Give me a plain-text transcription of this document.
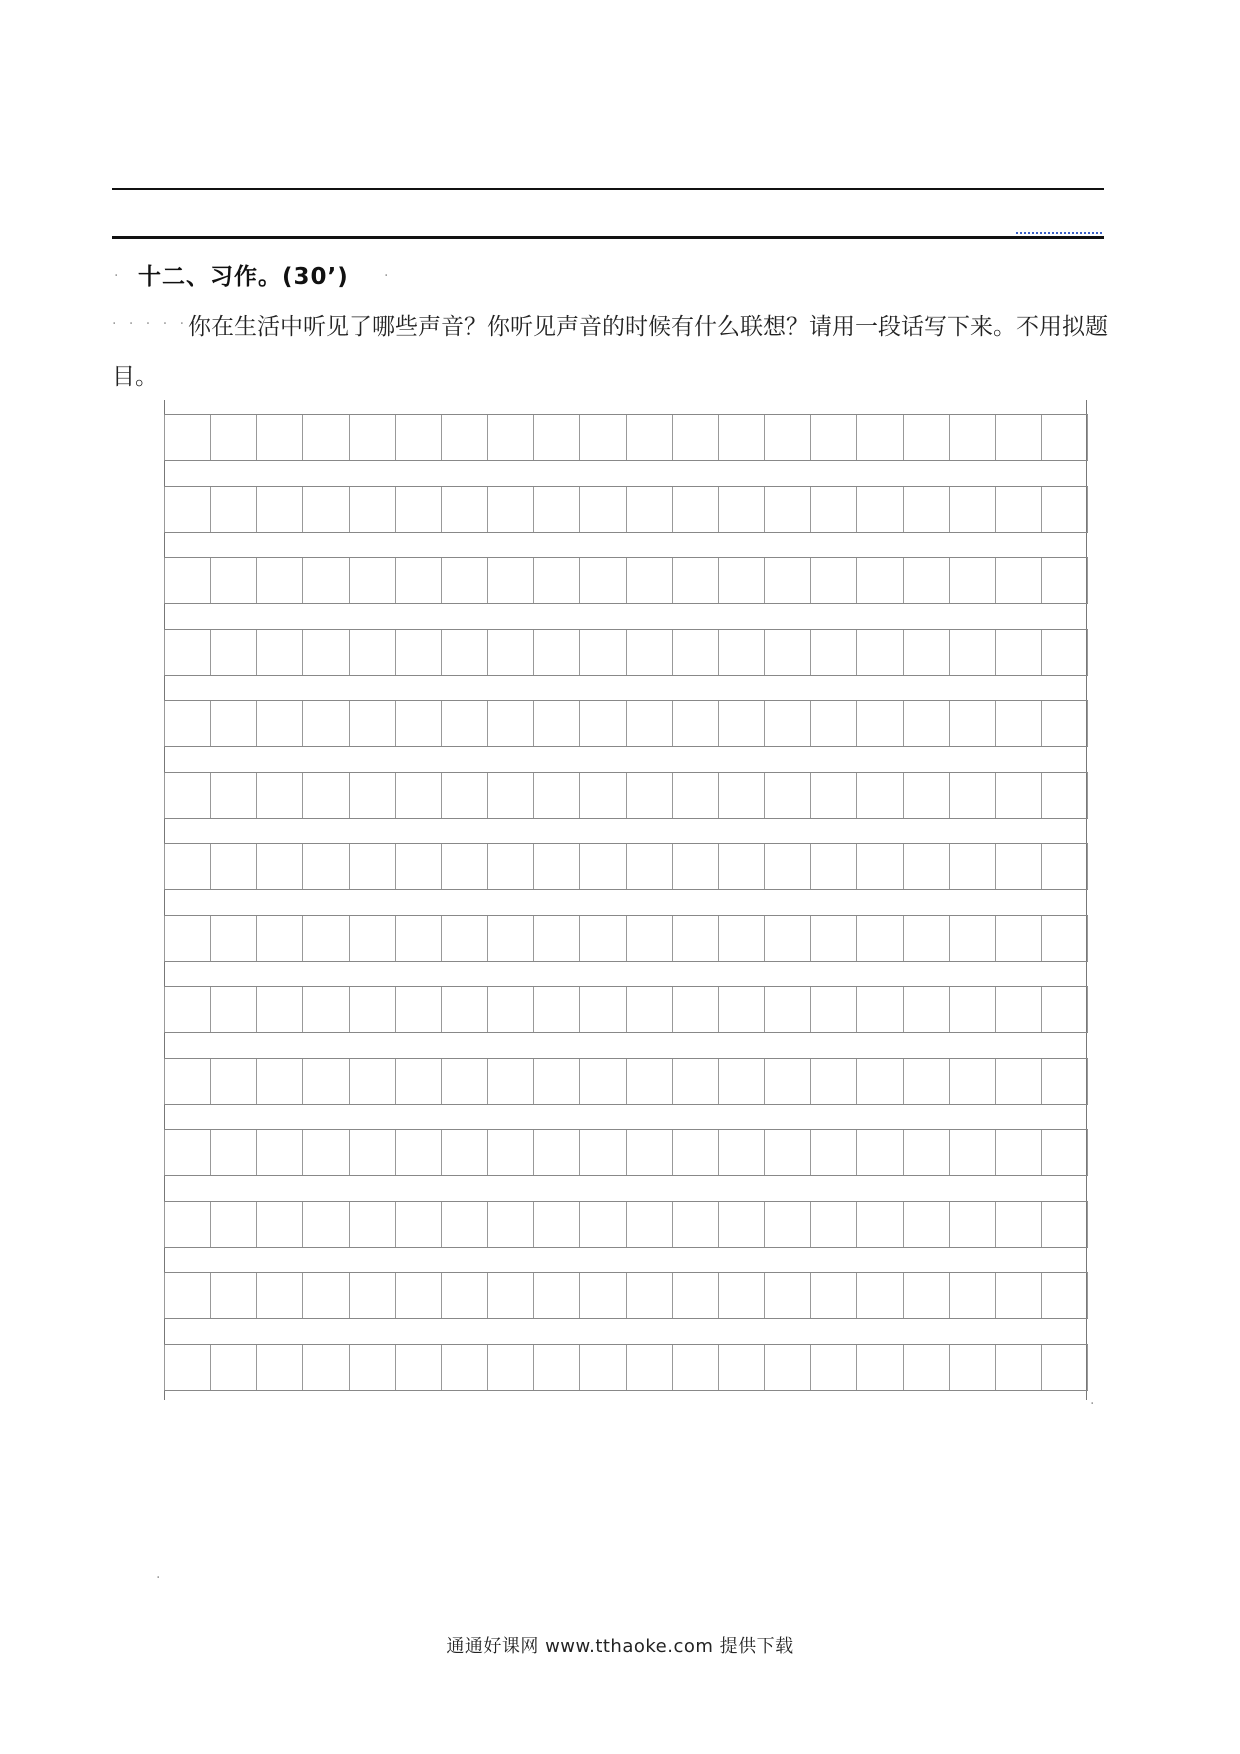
.	.
. . . . .
十二、习作。(30’)
你在生活中听见了哪些声音？你听见声音的时候有什么联想？请用一段话写下来。不用拟题目。
.
.
通通好课网 www.tthaoke.com 提供下载
